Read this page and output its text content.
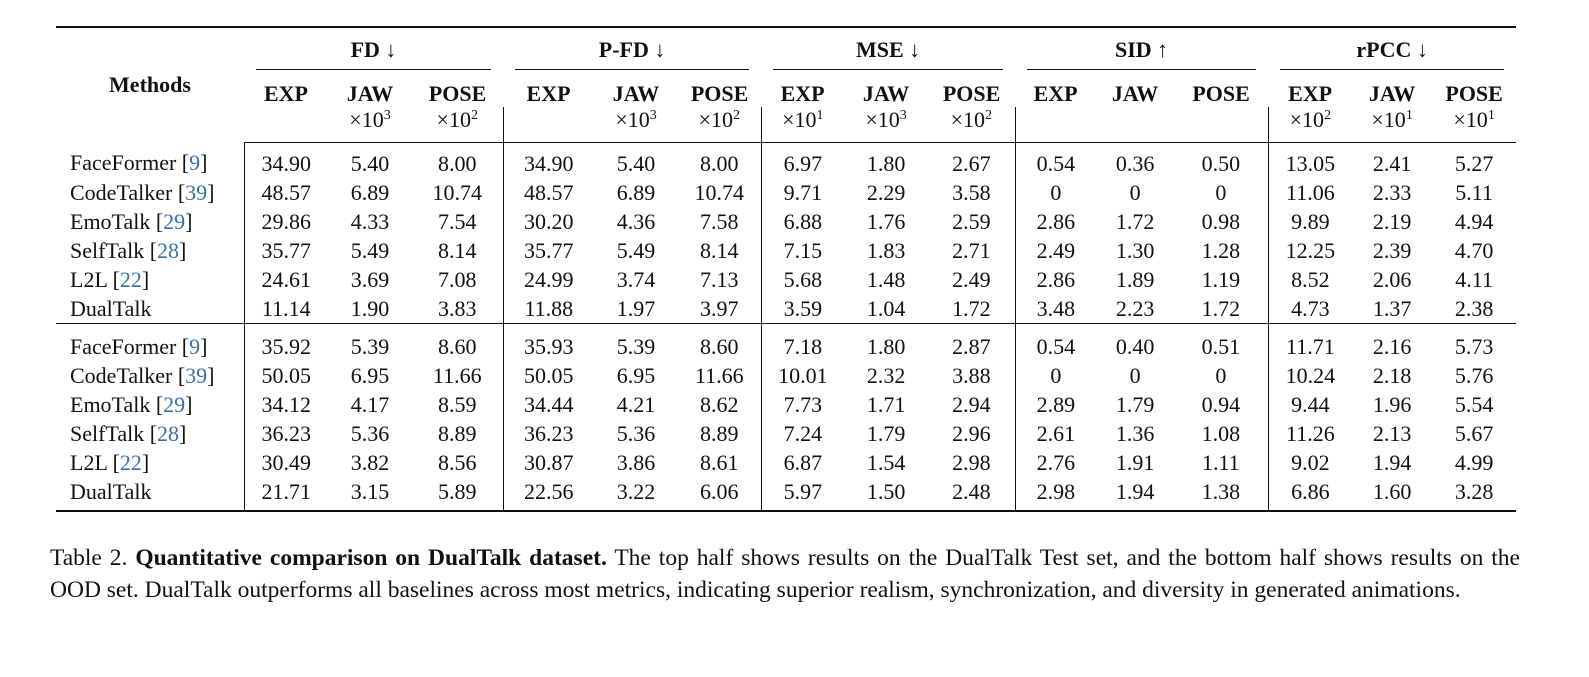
Methods	FD ↓			P-FD ↓			MSE ↓			SID ↑			rPCC ↓		

	EXP	JAW	POSE	EXP	JAW	POSE	EXP	JAW	POSE	EXP	JAW	POSE	EXP	JAW	POSE
		$\times 10^3$	$\times 10^2$		$\times 10^3$	$\times 10^2$	$\times 10^1$	$\times 10^3$	$\times 10^2$				$\times 10^2$	$\times 10^1$	$\times 10^1$
FaceFormer [9]	34.90	5.40	8.00	34.90	5.40	8.00	6.97	1.80	2.67	0.54	0.36	0.50	13.05	2.41	5.27
CodeTalker [39]	48.57	6.89	10.74	48.57	6.89	10.74	9.71	2.29	3.58	0	0	0	11.06	2.33	5.11
EmoTalk [29]	29.86	4.33	7.54	30.20	4.36	7.58	6.88	1.76	2.59	2.86	1.72	0.98	9.89	2.19	4.94
SelfTalk [28]	35.77	5.49	8.14	35.77	5.49	8.14	7.15	1.83	2.71	2.49	1.30	1.28	12.25	2.39	4.70
L2L [22]	24.61	3.69	7.08	24.99	3.74	7.13	5.68	1.48	2.49	2.86	1.89	1.19	8.52	2.06	4.11
DualTalk	11.14	1.90	3.83	11.88	1.97	3.97	3.59	1.04	1.72	3.48	2.23	1.72	4.73	1.37	2.38
FaceFormer [9]	35.92	5.39	8.60	35.93	5.39	8.60	7.18	1.80	2.87	0.54	0.40	0.51	11.71	2.16	5.73
CodeTalker [39]	50.05	6.95	11.66	50.05	6.95	11.66	10.01	2.32	3.88	0	0	0	10.24	2.18	5.76
EmoTalk [29]	34.12	4.17	8.59	34.44	4.21	8.62	7.73	1.71	2.94	2.89	1.79	0.94	9.44	1.96	5.54
SelfTalk [28]	36.23	5.36	8.89	36.23	5.36	8.89	7.24	1.79	2.96	2.61	1.36	1.08	11.26	2.13	5.67
L2L [22]	30.49	3.82	8.56	30.87	3.86	8.61	6.87	1.54	2.98	2.76	1.91	1.11	9.02	1.94	4.99
DualTalk	21.71	3.15	5.89	22.56	3.22	6.06	5.97	1.50	2.48	2.98	1.94	1.38	6.86	1.60	3.28
Table 2. Quantitative comparison on DualTalk dataset. The top half shows results on the DualTalk Test set, and the bottom half shows results on the OOD set. DualTalk outperforms all baselines across most metrics, indicating superior realism, synchronization, and diversity in generated animations.
